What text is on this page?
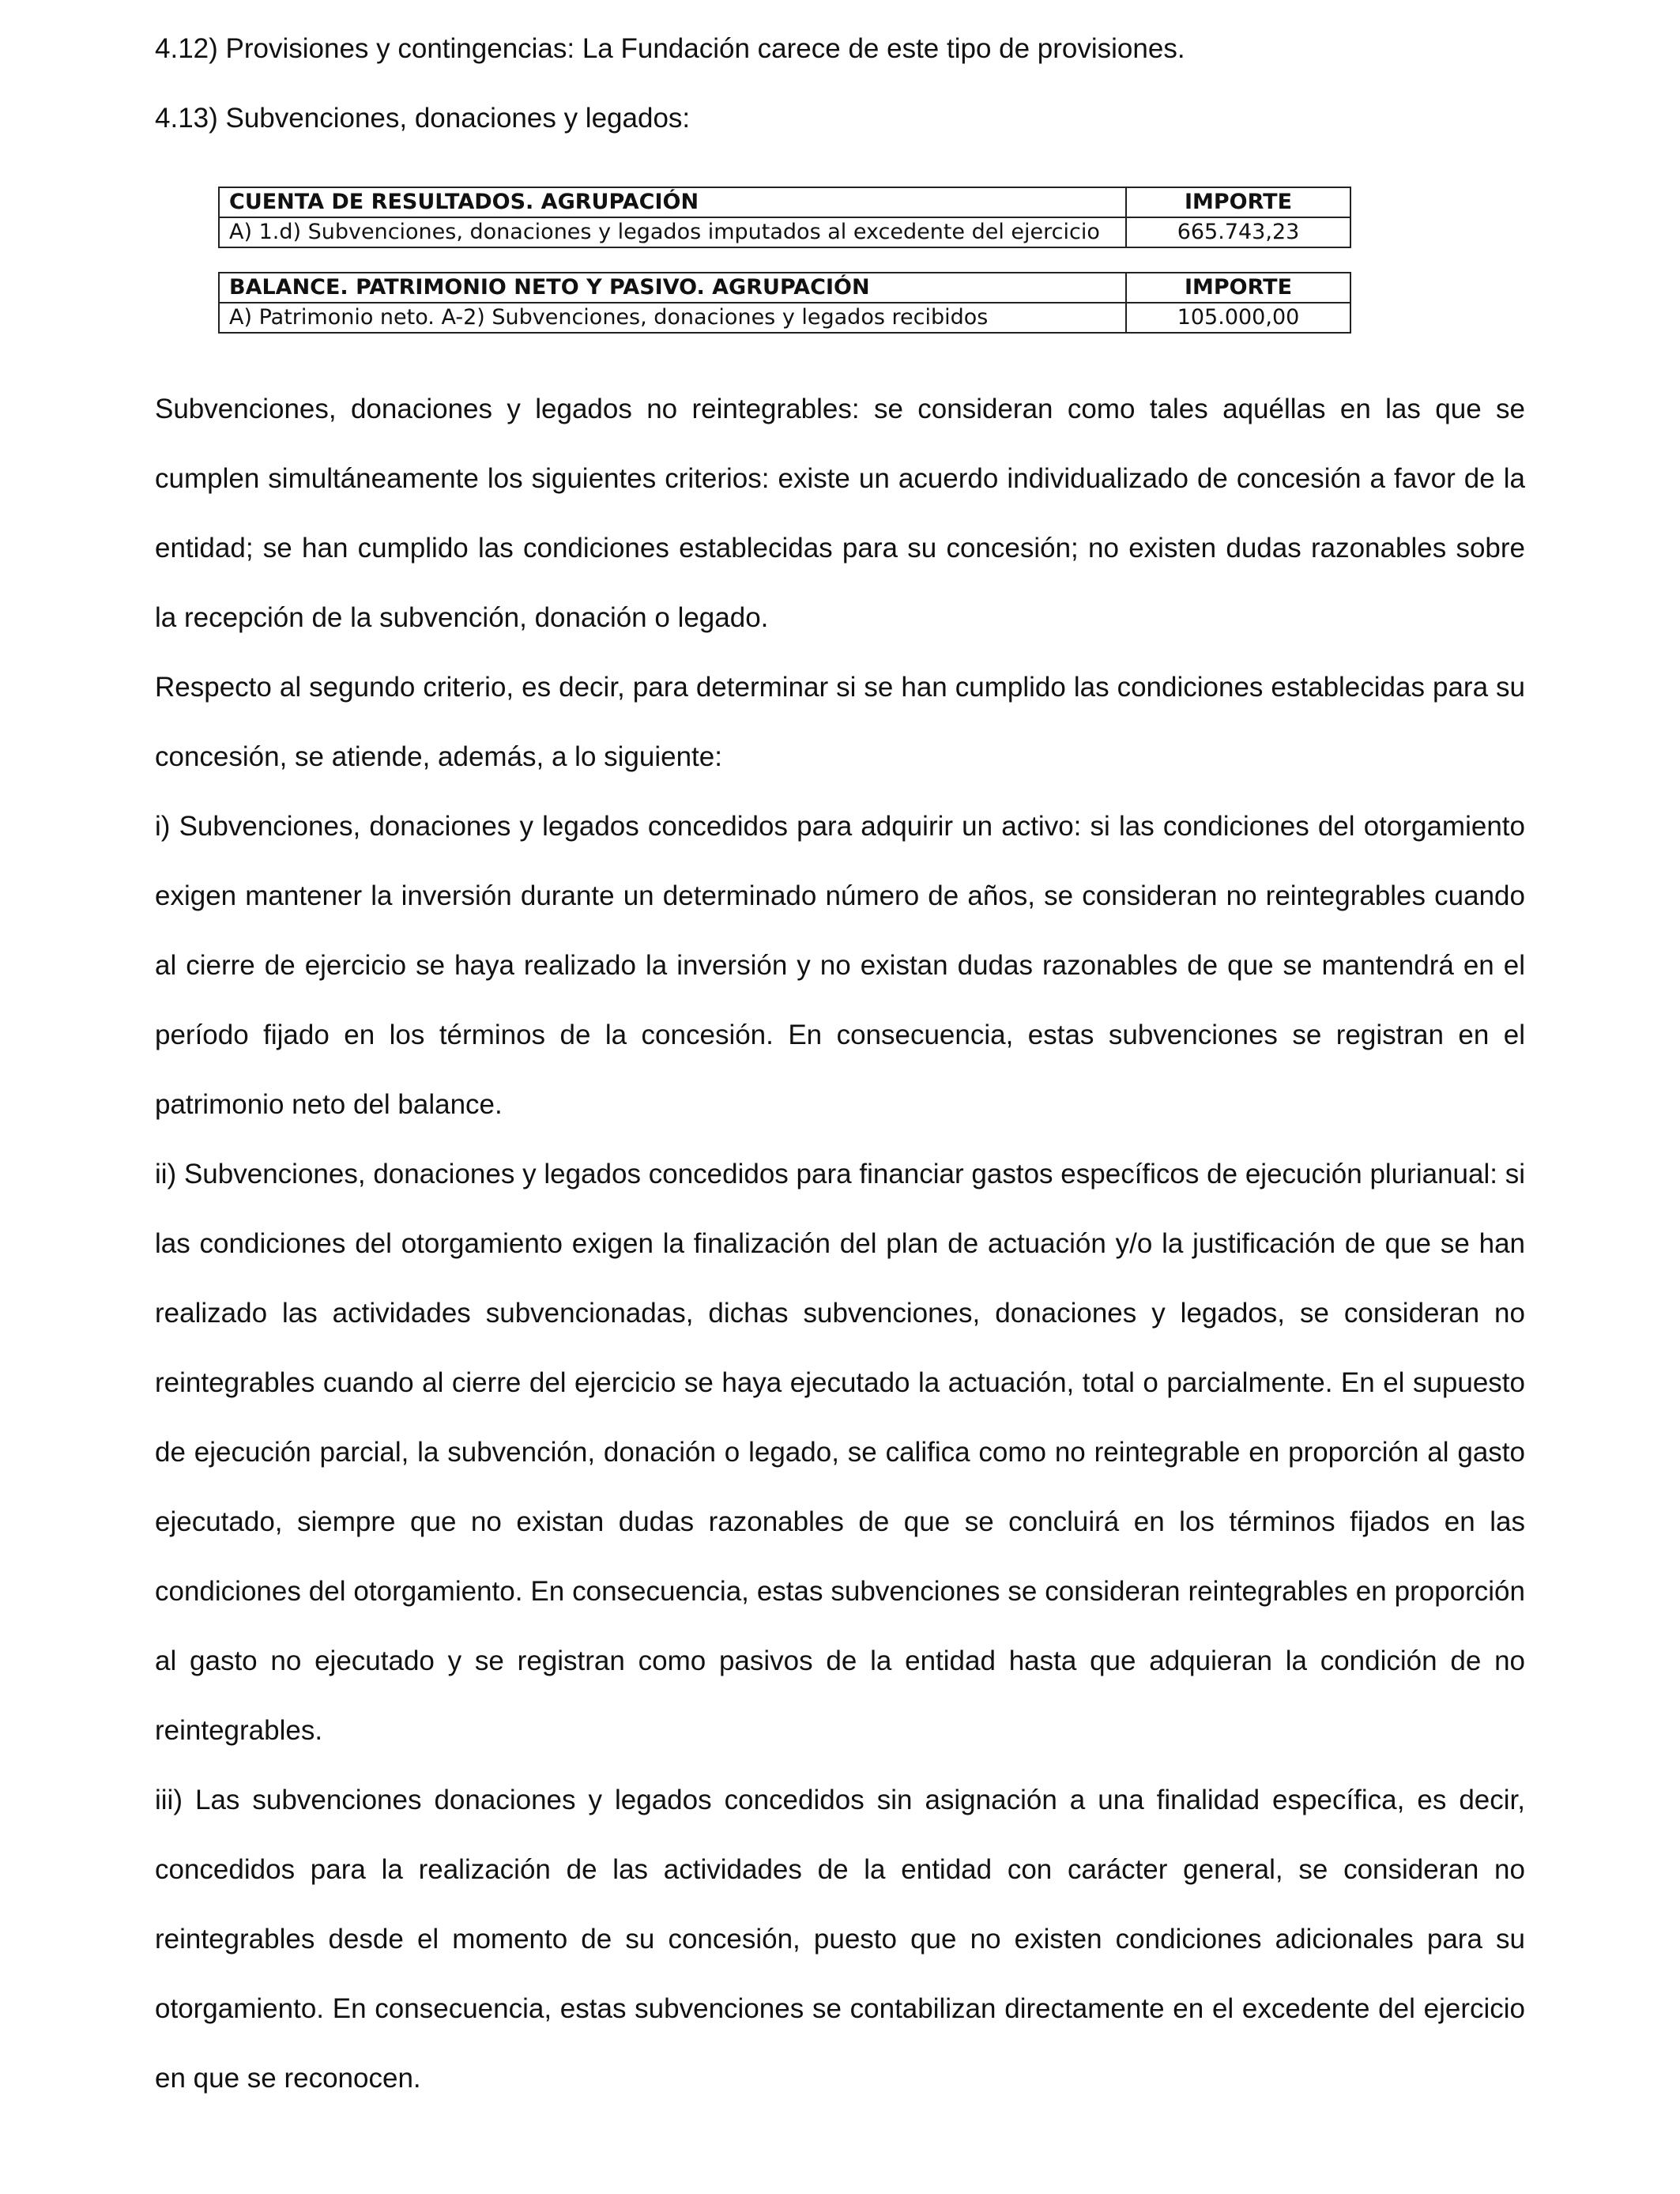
4.12) Provisiones y contingencias: La Fundación carece de este tipo de provisiones.
4.13) Subvenciones, donaciones y legados:
CUENTA DE RESULTADOS. AGRUPACIÓN	IMPORTE
A) 1.d) Subvenciones, donaciones y legados imputados al excedente del ejercicio	665.743,23
BALANCE. PATRIMONIO NETO Y PASIVO. AGRUPACIÓN	IMPORTE
A) Patrimonio neto. A-2) Subvenciones, donaciones y legados recibidos	105.000,00

Subvenciones, donaciones y legados no reintegrables: se consideran como tales aquéllas en las que se cumplen simultáneamente los siguientes criterios: existe un acuerdo individualizado de concesión a favor de la entidad; se han cumplido las condiciones establecidas para su concesión; no existen dudas razonables sobre la recepción de la subvención, donación o legado.

Respecto al segundo criterio, es decir, para determinar si se han cumplido las condiciones establecidas para su concesión, se atiende, además, a lo siguiente:

i) Subvenciones, donaciones y legados concedidos para adquirir un activo: si las condiciones del otorgamiento exigen mantener la inversión durante un determinado número de años, se consideran no reintegrables cuando al cierre de ejercicio se haya realizado la inversión y no existan dudas razonables de que se mantendrá en el período fijado en los términos de la concesión. En consecuencia, estas subvenciones se registran en el patrimonio neto del balance.

ii) Subvenciones, donaciones y legados concedidos para financiar gastos específicos de ejecución plurianual: si las condiciones del otorgamiento exigen la finalización del plan de actuación y/o la justificación de que se han realizado las actividades subvencionadas, dichas subvenciones, donaciones y legados, se consideran no reintegrables cuando al cierre del ejercicio se haya ejecutado la actuación, total o parcialmente. En el supuesto de ejecución parcial, la subvención, donación o legado, se califica como no reintegrable en proporción al gasto ejecutado, siempre que no existan dudas razonables de que se concluirá en los términos fijados en las condiciones del otorgamiento. En consecuencia, estas subvenciones se consideran reintegrables en proporción al gasto no ejecutado y se registran como pasivos de la entidad hasta que adquieran la condición de no reintegrables.

iii) Las subvenciones donaciones y legados concedidos sin asignación a una finalidad específica, es decir, concedidos para la realización de las actividades de la entidad con carácter general, se consideran no reintegrables desde el momento de su concesión, puesto que no existen condiciones adicionales para su otorgamiento. En consecuencia, estas subvenciones se contabilizan directamente en el excedente del ejercicio en que se reconocen.
